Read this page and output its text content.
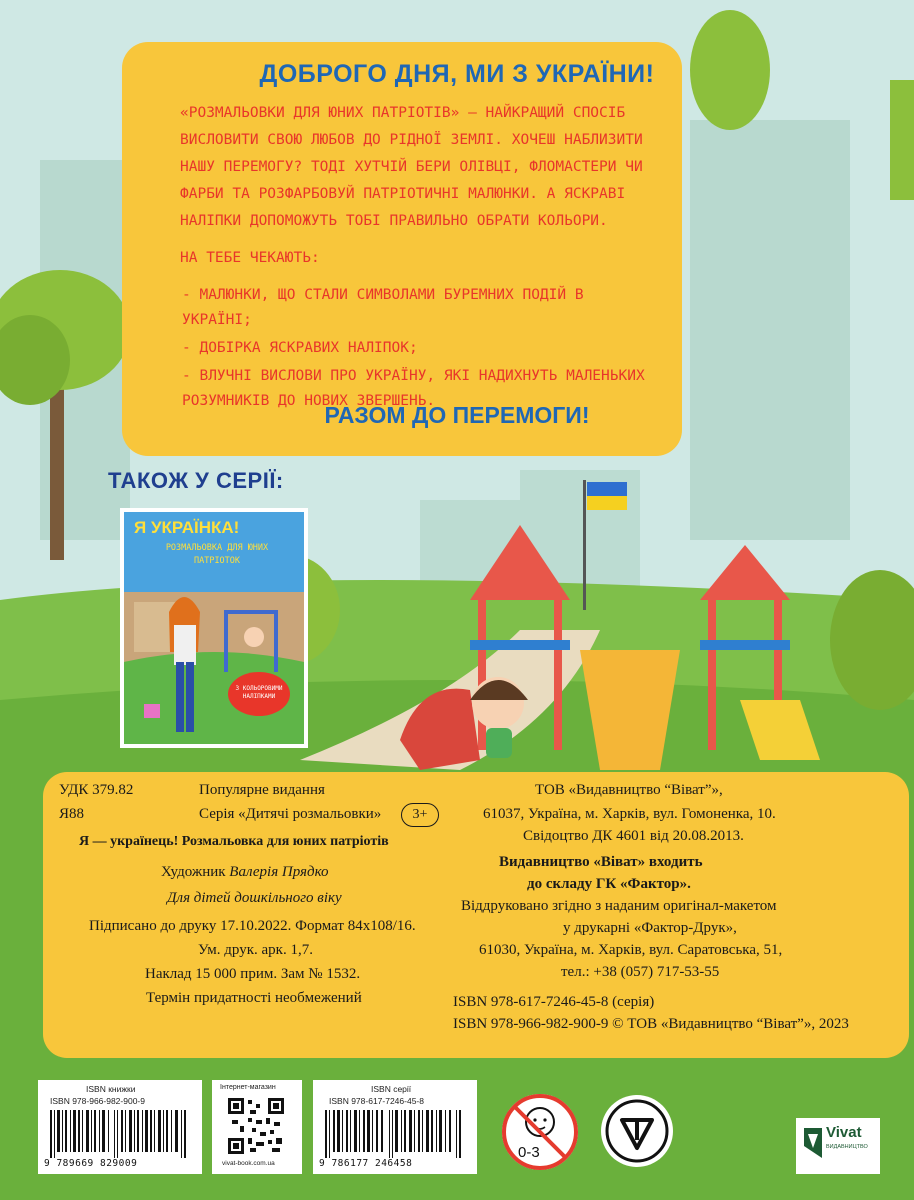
ДОБРОГО ДНЯ, МИ З УКРАЇНИ!

«РОЗМАЛЬОВКИ ДЛЯ ЮНИХ ПАТРІОТІВ» — НАЙКРАЩИЙ СПОСІБ ВИСЛОВИТИ СВОЮ ЛЮБОВ ДО РІДНОЇ ЗЕМЛІ. ХОЧЕШ НАБЛИЗИТИ НАШУ ПЕРЕМОГУ? ТОДІ ХУТЧІЙ БЕРИ ОЛІВЦІ, ФЛОМАСТЕРИ ЧИ ФАРБИ ТА РОЗФАРБОВУЙ ПАТРІОТИЧНІ МАЛЮНКИ. А ЯСКРАВІ НАЛІПКИ ДОПОМОЖУТЬ ТОБІ ПРАВИЛЬНО ОБРАТИ КОЛЬОРИ.

НА ТЕБЕ ЧЕКАЮТЬ:
- МАЛЮНКИ, ЩО СТАЛИ СИМВОЛАМИ БУРЕМНИХ ПОДІЙ В УКРАЇНІ;
- ДОБІРКА ЯСКРАВИХ НАЛІПОК;
- ВЛУЧНІ ВИСЛОВИ ПРО УКРАЇНУ, ЯКІ НАДИХНУТЬ МАЛЕНЬКИХ РОЗУМНИКІВ ДО НОВИХ ЗВЕРШЕНЬ.
РАЗОМ ДО ПЕРЕМОГИ!
ТАКОЖ У СЕРІЇ:
Я УКРАЇНКА!
РОЗМАЛЬОВКА ДЛЯ ЮНИХ ПАТРІОТОК
З КОЛЬОРОВИМИ НАЛІПКАМИ
УДК 379.82
Я88
Популярне видання
Серія «Дитячі розмальовки»	3+
Я — українець! Розмальовка для юних патріотів
Художник Валерія Прядко
Для дітей дошкільного віку
Підписано до друку 17.10.2022. Формат 84х108/16.
Ум. друк. арк. 1,7.
Наклад 15 000 прим. Зам № 1532.
Термін придатності необмежений
ТОВ «Видавництво “Віват”»,
61037, Україна, м. Харків, вул. Гомоненка, 10.
Свідоцтво ДК 4601 від 20.08.2013.
Видавництво «Віват» входить
до складу ГК «Фактор».
Віддруковано згідно з наданим оригінал-макетом
у друкарні «Фактор-Друк»,
61030, Україна, м. Харків, вул. Саратовська, 51,
тел.: +38 (057) 717-53-55
ISBN 978-617-7246-45-8 (серія)
ISBN 978-966-982-900-9 © ТОВ «Видавництво “Віват”», 2023
ISBN книжки
ISBN 978-966-982-900-9
9 789669 829009
Інтернет-магазин
vivat-book.com.ua
ISBN серії
ISBN 978-617-7246-45-8
9 786177 246458
0-3
Vivat
ВИДАВНИЦТВО
